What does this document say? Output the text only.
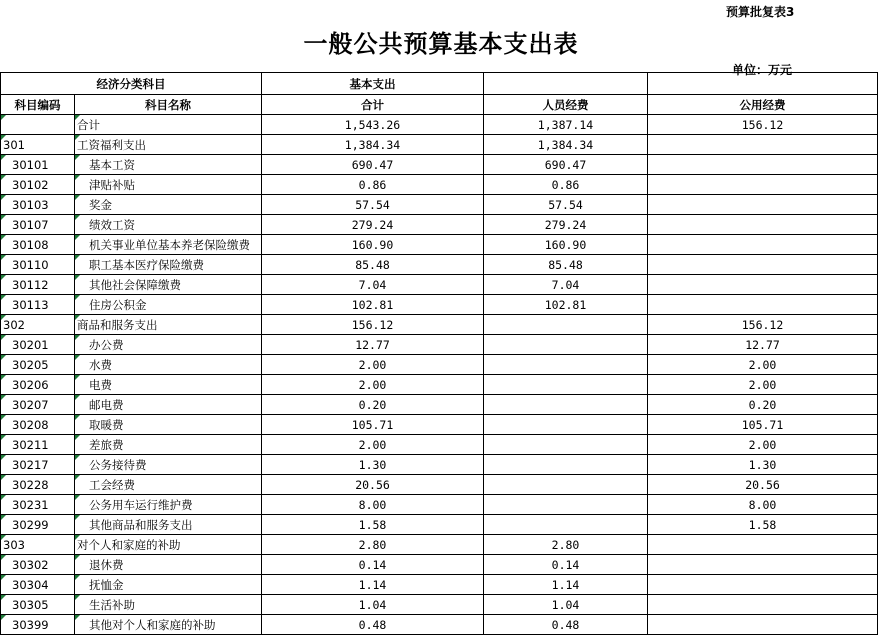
预算批复表3
一般公共预算基本支出表
单位：万元
经济分类科目		基本支出		
科目编码	科目名称	合计	人员经费	公用经费

	合计	1,543.26	1,387.14	156.12
301	工资福利支出	1,384.34	1,384.34	
30101	基本工资	690.47	690.47	
30102	津贴补贴	0.86	0.86	
30103	奖金	57.54	57.54	
30107	绩效工资	279.24	279.24	
30108	机关事业单位基本养老保险缴费	160.90	160.90	
30110	职工基本医疗保险缴费	85.48	85.48	
30112	其他社会保障缴费	7.04	7.04	
30113	住房公积金	102.81	102.81	
302	商品和服务支出	156.12		156.12
30201	办公费	12.77		12.77
30205	水费	2.00		2.00
30206	电费	2.00		2.00
30207	邮电费	0.20		0.20
30208	取暖费	105.71		105.71
30211	差旅费	2.00		2.00
30217	公务接待费	1.30		1.30
30228	工会经费	20.56		20.56
30231	公务用车运行维护费	8.00		8.00
30299	其他商品和服务支出	1.58		1.58
303	对个人和家庭的补助	2.80	2.80	
30302	退休费	0.14	0.14	
30304	抚恤金	1.14	1.14	
30305	生活补助	1.04	1.04	
30399	其他对个人和家庭的补助	0.48	0.48	
